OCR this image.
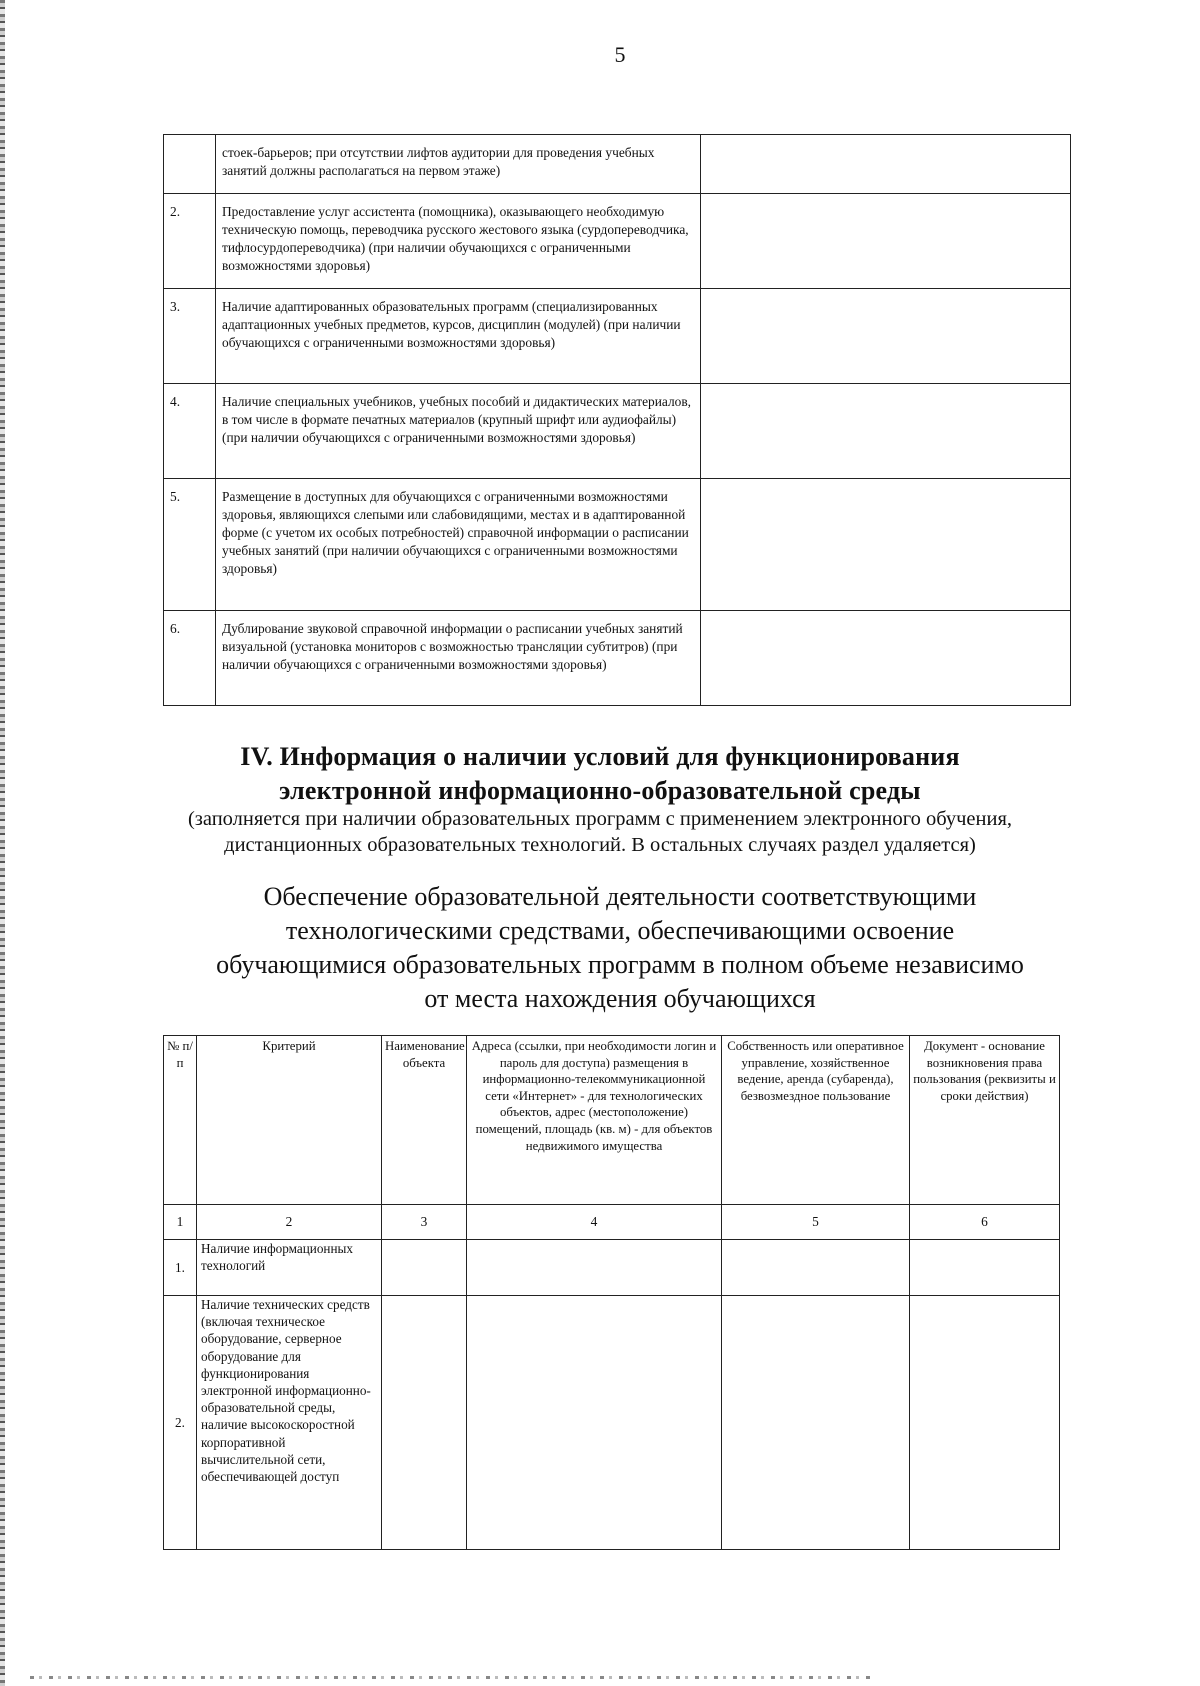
5
	стоек-барьеров; при отсутствии лифтов аудитории для проведения учебных занятий должны располагаться на первом этаже)	
2.	Предоставление услуг ассистента (помощника), оказывающего необходимую техническую помощь, переводчика русского жестового языка (сурдопереводчика, тифлосурдопереводчика) (при наличии обучающихся с ограниченными возможностями здоровья)	
3.	Наличие адаптированных образовательных программ (специализированных адаптационных учебных предметов, курсов, дисциплин (модулей) (при наличии обучающихся с ограниченными возможностями здоровья)	
4.	Наличие специальных учебников, учебных пособий и дидактических материалов, в том числе в формате печатных материалов (крупный шрифт или аудиофайлы) (при наличии обучающихся с ограниченными возможностями здоровья)	
5.	Размещение в доступных для обучающихся с ограниченными возможностями здоровья, являющихся слепыми или слабовидящими, местах и в адаптированной форме (с учетом их особых потребностей) справочной информации о расписании учебных занятий (при наличии обучающихся с ограниченными возможностями здоровья)	
6.	Дублирование звуковой справочной информации о расписании учебных занятий визуальной (установка мониторов с возможностью трансляции субтитров) (при наличии обучающихся с ограниченными возможностями здоровья)	
IV. Информация о наличии условий для функционирования
электронной информационно-образовательной среды
(заполняется при наличии образовательных программ с применением электронного обучения,
дистанционных образовательных технологий. В остальных случаях раздел удаляется)
Обеспечение образовательной деятельности соответствующими
технологическими средствами, обеспечивающими освоение
обучающимися образовательных программ в полном объеме независимо
от места нахождения обучающихся
№ п/п	Критерий	Наименование объекта	Адреса (ссылки, при необходимости логин и пароль для доступа) размещения в информационно-телекоммуникационной сети «Интернет» - для технологических объектов, адрес (местоположение) помещений, площадь (кв. м) - для объектов недвижимого имущества	Собственность или оперативное управление, хозяйственное ведение, аренда (субаренда), безвозмездное пользование	Документ - основание возникновения права пользования (реквизиты и сроки действия)
1	2	3	4	5	6
1.	Наличие информационных технологий				
2.	Наличие технических средств (включая техническое оборудование, серверное оборудование для функционирования электронной информационно-образовательной среды, наличие высокоскоростной корпоративной вычислительной сети, обеспечивающей доступ				
